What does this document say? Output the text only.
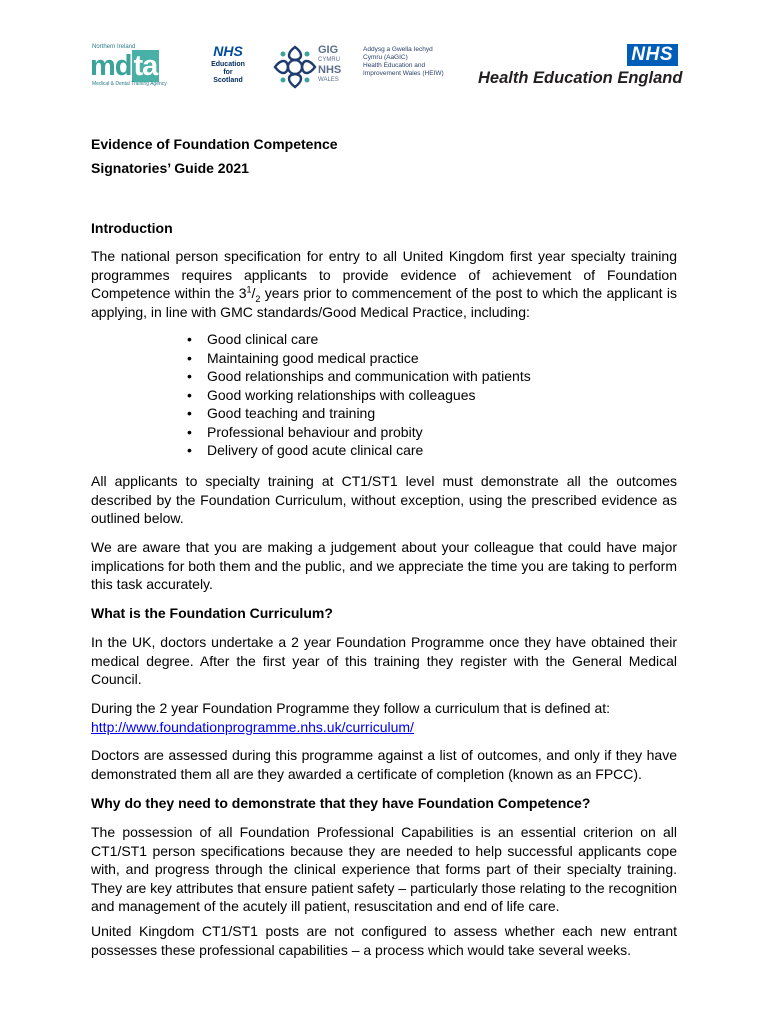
Northern Ireland
mdta
Medical & Dental Training Agency
NHS
Education
for
Scotland
GIG
CYMRU
NHS
WALES
Addysg a Gwella Iechyd
Cymru (AaGIC)
Health Education and
Improvement Wales (HEIW)
NHS
Health Education England
Evidence of Foundation Competence
Signatories’ Guide 2021
Introduction
The national person specification for entry to all United Kingdom first year specialty training programmes requires applicants to provide evidence of achievement of Foundation Competence within the $3^1/_2$ years prior to commencement of the post to which the applicant is applying, in line with GMC standards/Good Medical Practice, including:
• Good clinical care
• Maintaining good medical practice
• Good relationships and communication with patients
• Good working relationships with colleagues
• Good teaching and training
• Professional behaviour and probity
• Delivery of good acute clinical care
All applicants to specialty training at CT1/ST1 level must demonstrate all the outcomes described by the Foundation Curriculum, without exception, using the prescribed evidence as outlined below.
We are aware that you are making a judgement about your colleague that could have major implications for both them and the public, and we appreciate the time you are taking to perform this task accurately.
What is the Foundation Curriculum?
In the UK, doctors undertake a 2 year Foundation Programme once they have obtained their medical degree. After the first year of this training they register with the General Medical Council.
During the 2 year Foundation Programme they follow a curriculum that is defined at:
http://www.foundationprogramme.nhs.uk/curriculum/
Doctors are assessed during this programme against a list of outcomes, and only if they have demonstrated them all are they awarded a certificate of completion (known as an FPCC).
Why do they need to demonstrate that they have Foundation Competence?
The possession of all Foundation Professional Capabilities is an essential criterion on all CT1/ST1 person specifications because they are needed to help successful applicants cope with, and progress through the clinical experience that forms part of their specialty training. They are key attributes that ensure patient safety – particularly those relating to the recognition and management of the acutely ill patient, resuscitation and end of life care.
United Kingdom CT1/ST1 posts are not configured to assess whether each new entrant possesses these professional capabilities – a process which would take several weeks.
